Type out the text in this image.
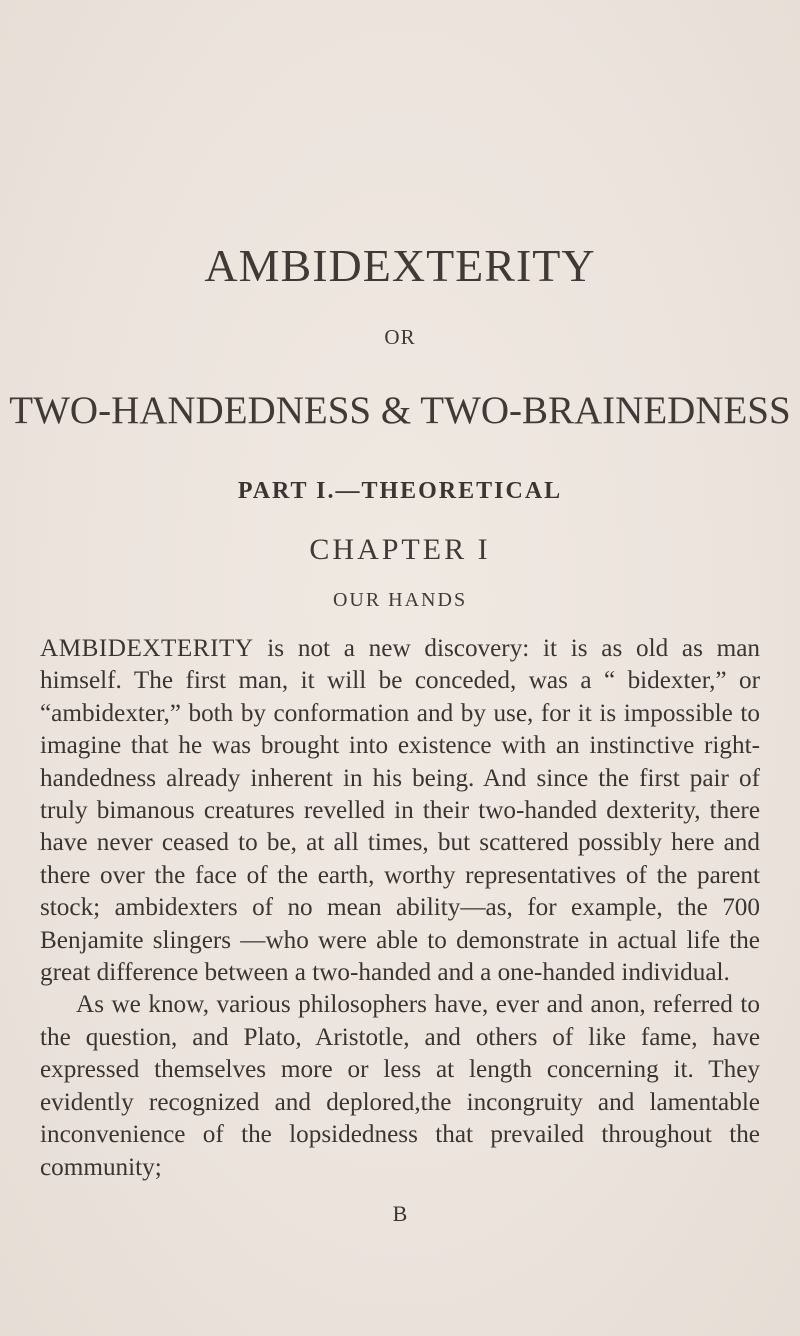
AMBIDEXTERITY
OR
TWO-HANDEDNESS & TWO-BRAINEDNESS
PART I.—THEORETICAL
CHAPTER I
OUR HANDS

AMBIDEXTERITY is not a new discovery: it is as old as man himself. The first man, it will be conceded, was a “ bidexter,” or “ambidexter,” both by conformation and by use, for it is impossible to imagine that he was brought into existence with an instinctive right-handedness already inherent in his being. And since the first pair of truly bimanous creatures revelled in their two-handed dexterity, there have never ceased to be, at all times, but scattered possibly here and there over the face of the earth, worthy representatives of the parent stock; ambidexters of no mean ability—as, for example, the 700 Benjamite slingers —who were able to demonstrate in actual life the great difference between a two-handed and a one-handed individual.

As we know, various philosophers have, ever and anon, referred to the question, and Plato, Aristotle, and others of like fame, have expressed themselves more or less at length concerning it. They evidently recognized and deplored,the incongruity and lamentable inconvenience of the lopsidedness that prevailed throughout the community;

B
